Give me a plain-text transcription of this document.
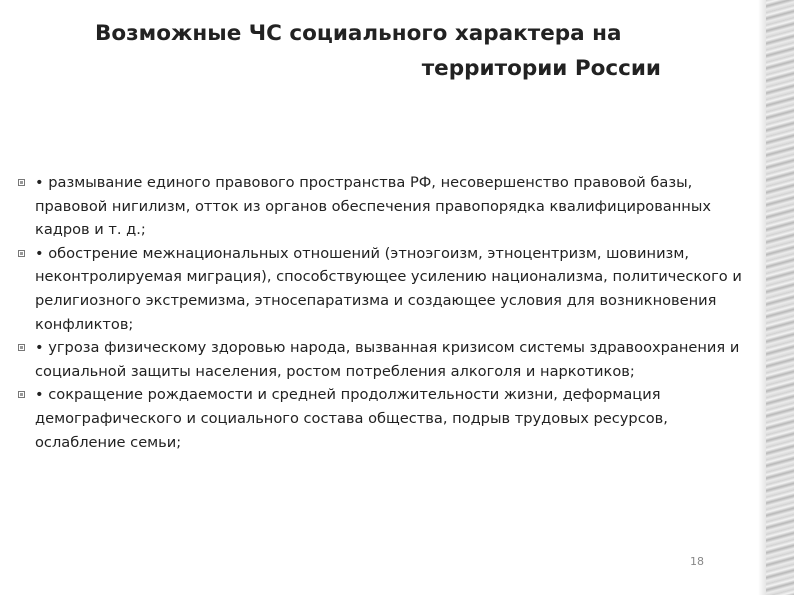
Возможные ЧС социального характера на
территории России
• размывание единого правового пространства РФ, несовершенство правовой базы, правовой нигилизм, отток из органов обеспечения правопорядка квалифицированных кадров и т. д.;
• обострение межнациональных отношений (этноэгоизм, этноцентризм, шовинизм, неконтролируемая миграция), способствующее усилению национализма, политического и религиозного экстремизма, этносепаратизма и создающее условия для возникновения конфликтов;
• угроза физическому здоровью народа, вызванная кризисом системы здравоохранения и социальной защиты населения, ростом потребления алкоголя и наркотиков;
• сокращение рождаемости и средней продолжительности жизни, деформация демографического и социального состава общества, подрыв трудовых ресурсов, ослабление семьи;
18
